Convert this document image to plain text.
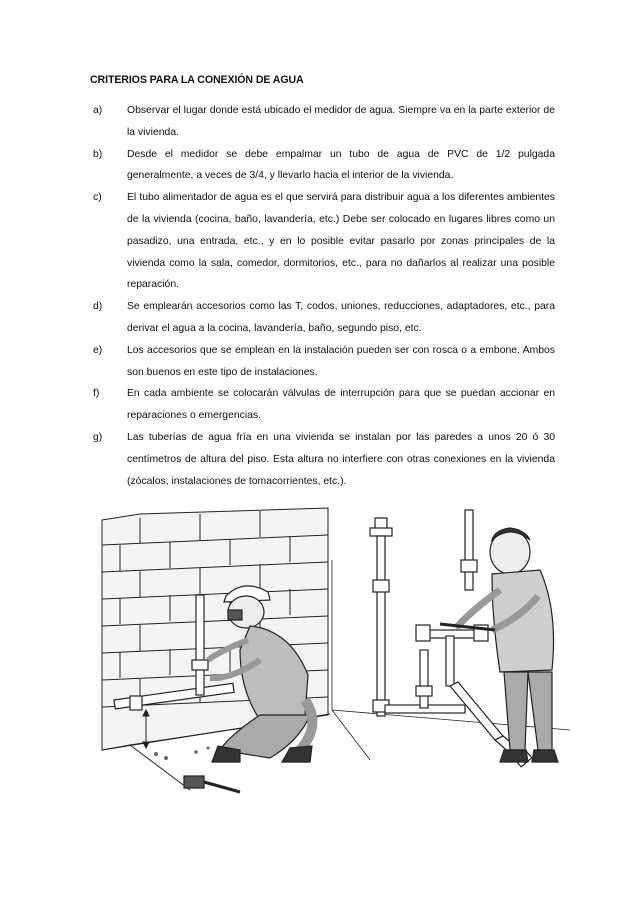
CRITERIOS PARA LA CONEXIÓN DE AGUA
a)	Observar el lugar donde está ubicado el medidor de agua. Siempre va en la parte exterior de la vivienda.
b)	Desde el medidor se debe empalmar un tubo de agua de PVC de 1/2 pulgada generalmente, a veces de 3/4, y llevarlo hacia el interior de la vivienda.
c)	El tubo alimentador de agua es el que servirá para distribuir agua a los diferentes ambientes de la vivienda (cocina, baño, lavandería, etc.) Debe ser colocado en lugares libres como un pasadizo, una entrada, etc., y en lo posible evitar pasarlo por zonas principales de la vivienda como la sala, comedor, dormitorios, etc., para no dañarlos al realizar una posible reparación.
d)	Se emplearán accesorios como las T, codos, uniones, reducciones, adaptadores, etc., para derivar el agua a la cocina, lavandería, baño, segundo piso, etc.
e)	Los accesorios que se emplean en la instalación pueden ser con rosca o a embone. Ambos son buenos en este tipo de instalaciones.
f)	En cada ambiente se colocarán válvulas de interrupción para que se puedan accionar en reparaciones o emergencias.
g)	Las tuberías de agua fría en una vivienda se instalan por las paredes a unos 20 ó 30 centímetros de altura del piso. Esta altura no interfiere con otras conexiones en la vivienda (zócalos, instalaciones de tomacorrientes, etc.).
